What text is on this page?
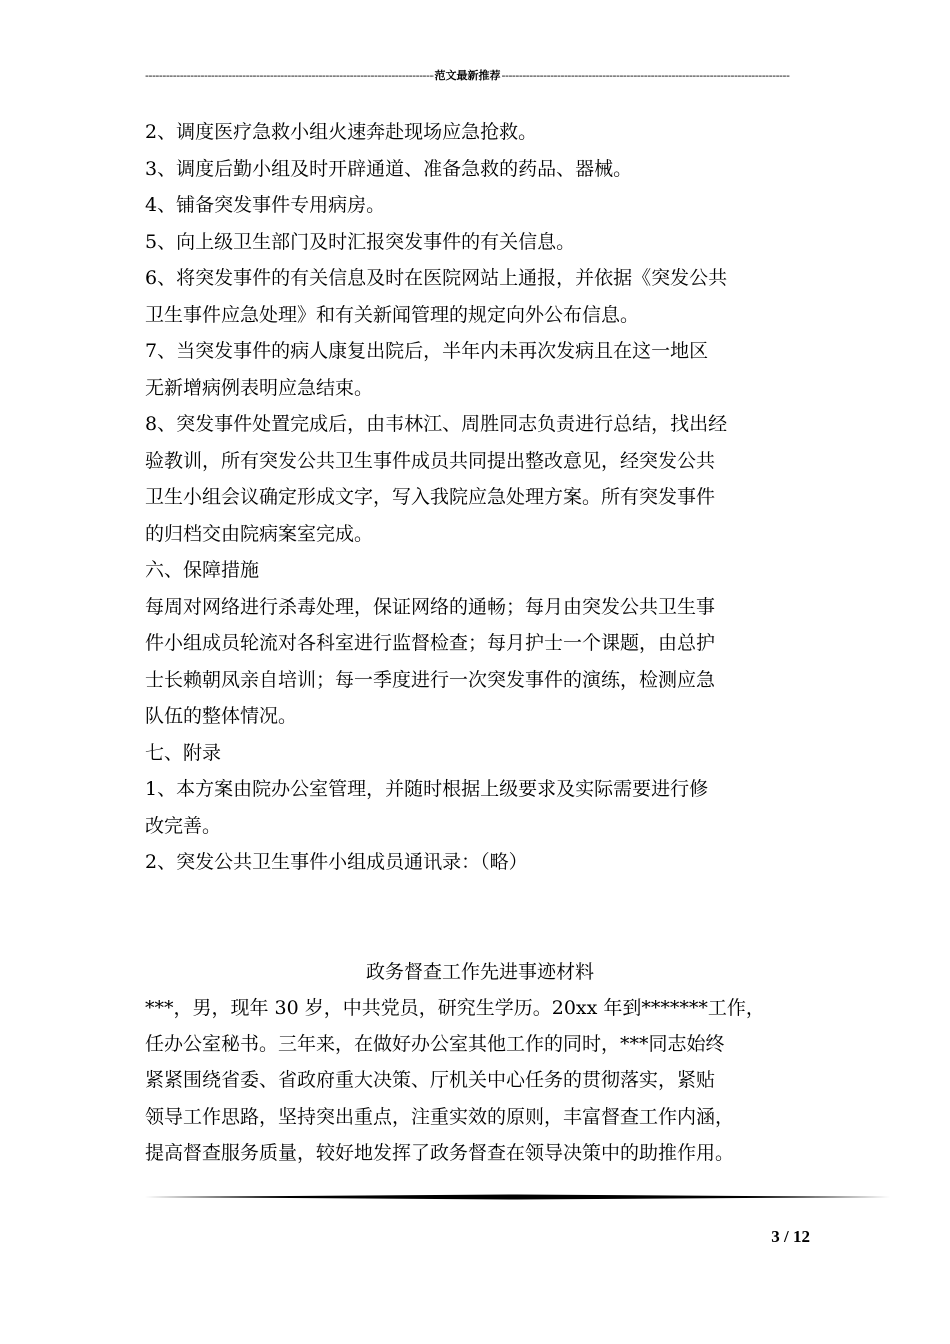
-----
范文最新推荐
-----

2、调度医疗急救小组火速奔赴现场应急抢救。

3、调度后勤小组及时开辟通道、准备急救的药品、器械。

4、铺备突发事件专用病房。

5、向上级卫生部门及时汇报突发事件的有关信息。

6、将突发事件的有关信息及时在医院网站上通报，并依据《突发公共

卫生事件应急处理》和有关新闻管理的规定向外公布信息。

7、当突发事件的病人康复出院后，半年内未再次发病且在这一地区

无新增病例表明应急结束。

8、突发事件处置完成后，由韦林江、周胜同志负责进行总结，找出经

验教训，所有突发公共卫生事件成员共同提出整改意见，经突发公共

卫生小组会议确定形成文字，写入我院应急处理方案。所有突发事件

的归档交由院病案室完成。

六、保障措施

每周对网络进行杀毒处理，保证网络的通畅；每月由突发公共卫生事

件小组成员轮流对各科室进行监督检查；每月护士一个课题，由总护

士长赖朝凤亲自培训；每一季度进行一次突发事件的演练，检测应急

队伍的整体情况。

七、附录

1、本方案由院办公室管理，并随时根据上级要求及实际需要进行修

改完善。

2、突发公共卫生事件小组成员通讯录：（略）

政务督查工作先进事迹材料

***，男，现年 30 岁，中共党员，研究生学历。20xx 年到*******工作，

任办公室秘书。三年来，在做好办公室其他工作的同时，***同志始终

紧紧围绕省委、省政府重大决策、厅机关中心任务的贯彻落实，紧贴

领导工作思路，坚持突出重点，注重实效的原则，丰富督查工作内涵，

提高督查服务质量，较好地发挥了政务督查在领导决策中的助推作用。

3 / 12
